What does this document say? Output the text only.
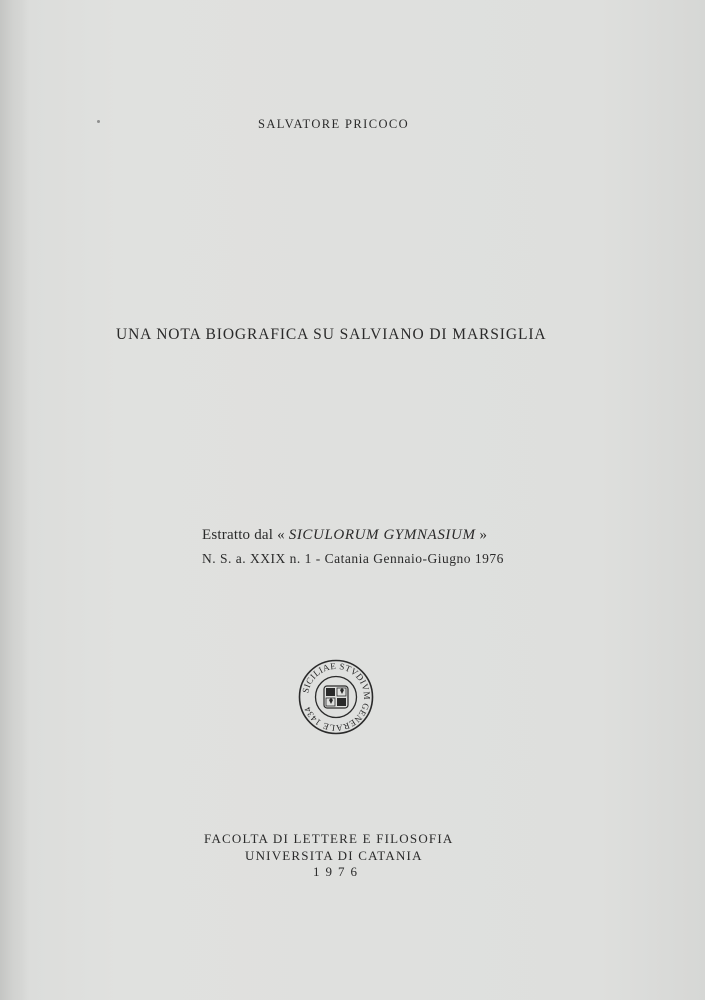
SALVATORE PRICOCO
UNA NOTA BIOGRAFICA SU SALVIANO DI MARSIGLIA
Estratto dal « SICULORUM GYMNASIUM »
N. S. a. XXIX n. 1 - Catania Gennaio-Giugno 1976
SICILIAE STVDIVM GENERALE 1434
FACOLTA DI LETTERE E FILOSOFIA
UNIVERSITA DI CATANIA
1976
